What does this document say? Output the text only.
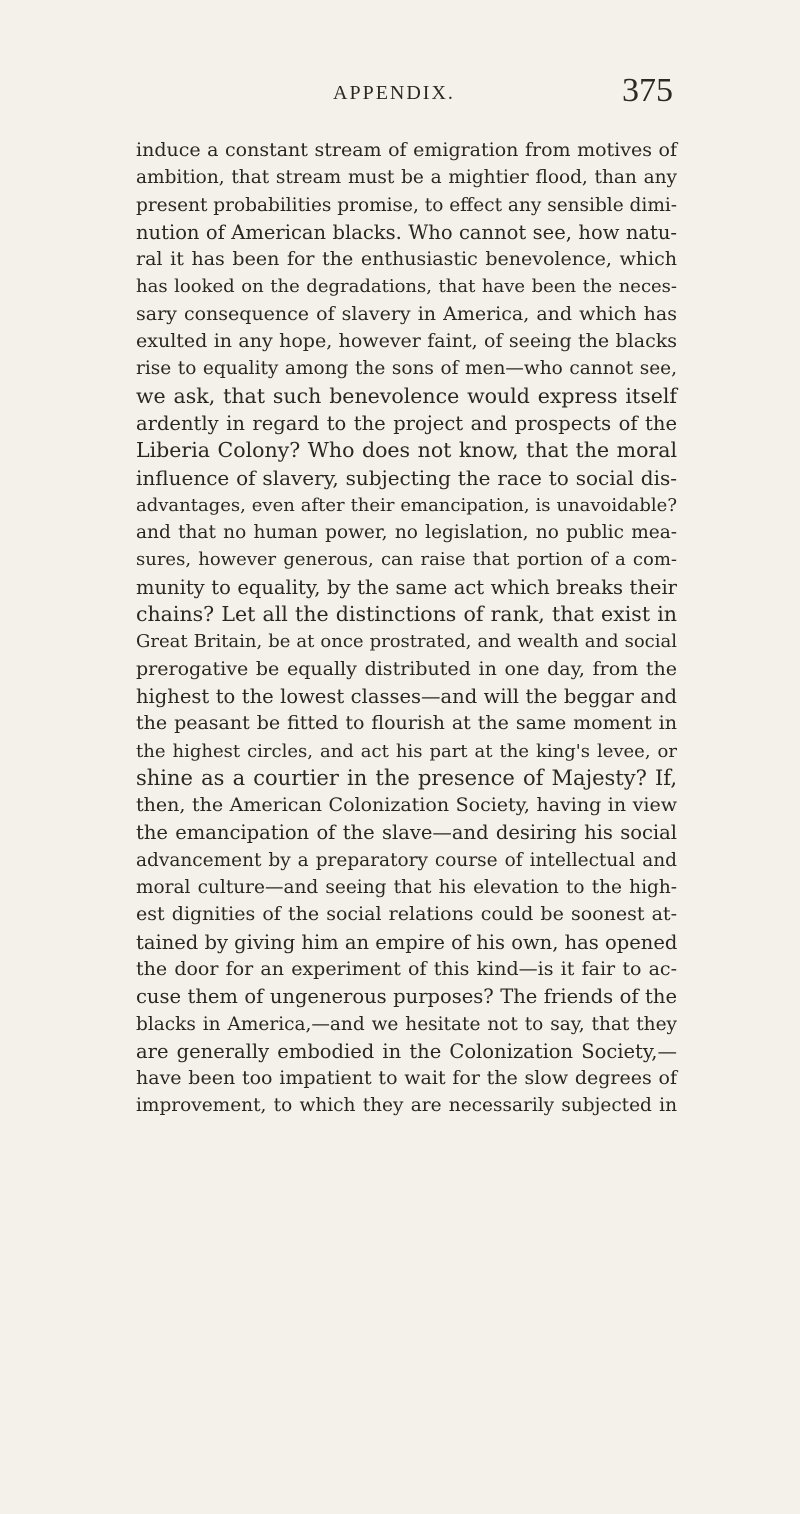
APPENDIX.	375
induce a constant stream of emigration from motives of
ambition, that stream must be a mightier flood, than any
present probabilities promise, to effect any sensible dimi-
nution of American blacks. Who cannot see, how natu-
ral it has been for the enthusiastic benevolence, which
has looked on the degradations, that have been the neces-
sary consequence of slavery in America, and which has
exulted in any hope, however faint, of seeing the blacks
rise to equality among the sons of men—who cannot see,
we ask, that such benevolence would express itself
ardently in regard to the project and prospects of the
Liberia Colony? Who does not know, that the moral
influence of slavery, subjecting the race to social dis-
advantages, even after their emancipation, is unavoidable?
and that no human power, no legislation, no public mea-
sures, however generous, can raise that portion of a com-
munity to equality, by the same act which breaks their
chains? Let all the distinctions of rank, that exist in
Great Britain, be at once prostrated, and wealth and social
prerogative be equally distributed in one day, from the
highest to the lowest classes—and will the beggar and
the peasant be fitted to flourish at the same moment in
the highest circles, and act his part at the king's levee, or
shine as a courtier in the presence of Majesty? If,
then, the American Colonization Society, having in view
the emancipation of the slave—and desiring his social
advancement by a preparatory course of intellectual and
moral culture—and seeing that his elevation to the high-
est dignities of the social relations could be soonest at-
tained by giving him an empire of his own, has opened
the door for an experiment of this kind—is it fair to ac-
cuse them of ungenerous purposes? The friends of the
blacks in America,—and we hesitate not to say, that they
are generally embodied in the Colonization Society,—
have been too impatient to wait for the slow degrees of
improvement, to which they are necessarily subjected in
